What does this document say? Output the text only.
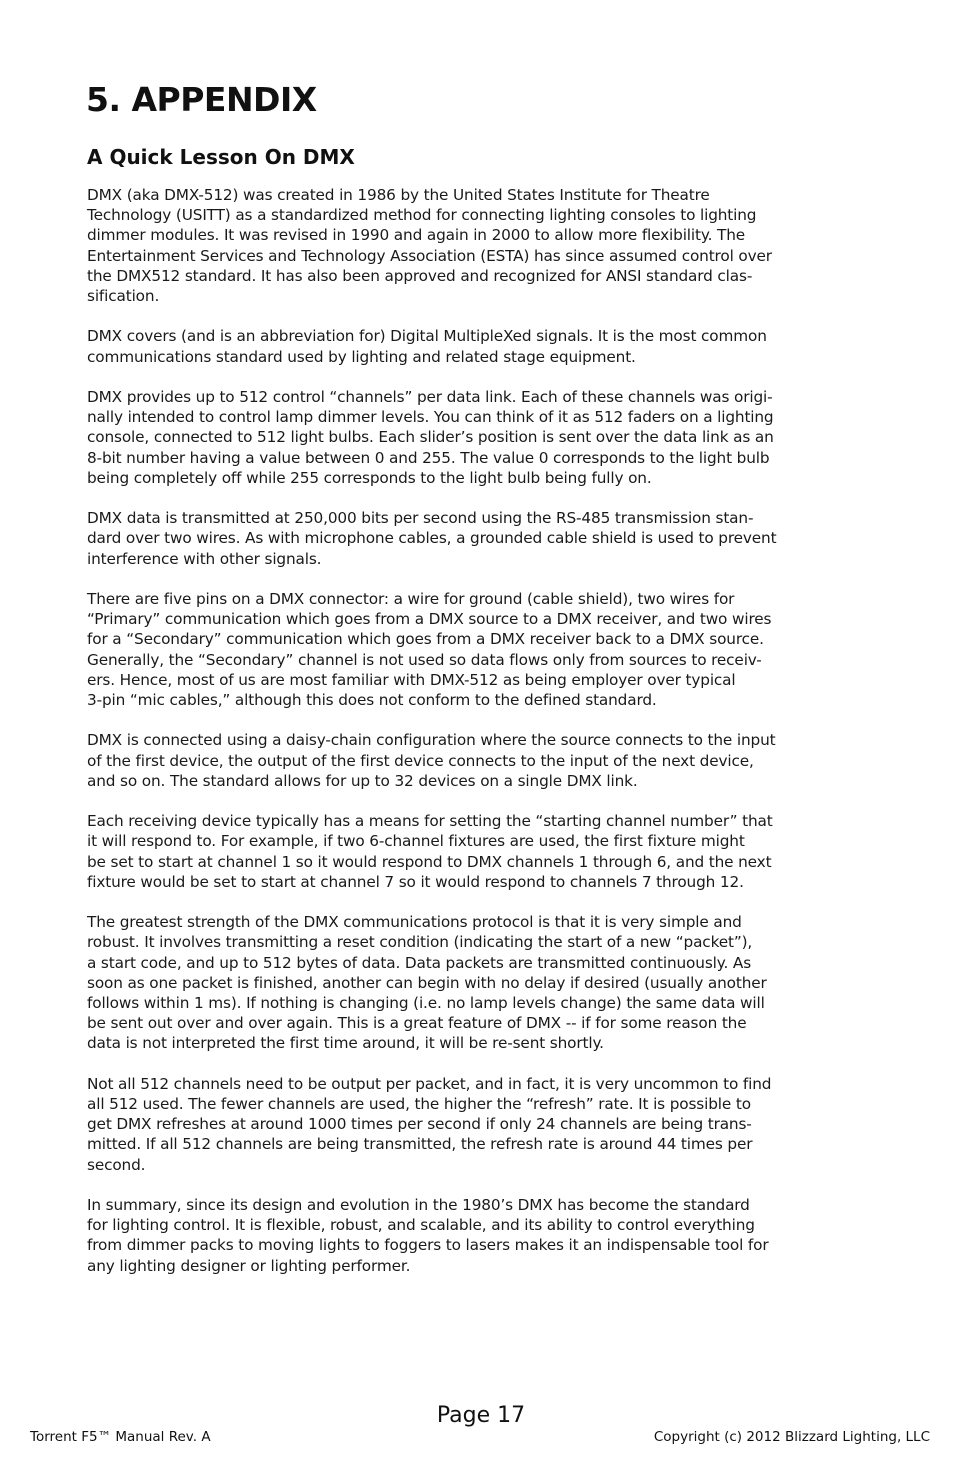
5. APPENDIX
A Quick Lesson On DMX

DMX (aka DMX-512) was created in 1986 by the United States Institute for Theatre
Technology (USITT) as a standardized method for connecting lighting consoles to lighting
dimmer modules. It was revised in 1990 and again in 2000 to allow more flexibility. The
Entertainment Services and Technology Association (ESTA) has since assumed control over
the DMX512 standard. It has also been approved and recognized for ANSI standard clas-
sification.

DMX covers (and is an abbreviation for) Digital MultipleXed signals. It is the most common
communications standard used by lighting and related stage equipment.

DMX provides up to 512 control “channels” per data link. Each of these channels was origi-
nally intended to control lamp dimmer levels. You can think of it as 512 faders on a lighting
console, connected to 512 light bulbs. Each slider’s position is sent over the data link as an
8-bit number having a value between 0 and 255. The value 0 corresponds to the light bulb
being completely off while 255 corresponds to the light bulb being fully on.

DMX data is transmitted at 250,000 bits per second using the RS-485 transmission stan-
dard over two wires. As with microphone cables, a grounded cable shield is used to prevent
interference with other signals.

There are five pins on a DMX connector: a wire for ground (cable shield), two wires for
“Primary” communication which goes from a DMX source to a DMX receiver, and two wires
for a “Secondary” communication which goes from a DMX receiver back to a DMX source.
Generally, the “Secondary” channel is not used so data flows only from sources to receiv-
ers. Hence, most of us are most familiar with DMX-512 as being employer over typical
3-pin “mic cables,” although this does not conform to the defined standard.

DMX is connected using a daisy-chain configuration where the source connects to the input
of the first device, the output of the first device connects to the input of the next device,
and so on. The standard allows for up to 32 devices on a single DMX link.

Each receiving device typically has a means for setting the “starting channel number” that
it will respond to. For example, if two 6-channel fixtures are used, the first fixture might
be set to start at channel 1 so it would respond to DMX channels 1 through 6, and the next
fixture would be set to start at channel 7 so it would respond to channels 7 through 12.

The greatest strength of the DMX communications protocol is that it is very simple and
robust. It involves transmitting a reset condition (indicating the start of a new “packet”),
a start code, and up to 512 bytes of data. Data packets are transmitted continuously. As
soon as one packet is finished, another can begin with no delay if desired (usually another
follows within 1 ms). If nothing is changing (i.e. no lamp levels change) the same data will
be sent out over and over again. This is a great feature of DMX -- if for some reason the
data is not interpreted the first time around, it will be re-sent shortly.

Not all 512 channels need to be output per packet, and in fact, it is very uncommon to find
all 512 used. The fewer channels are used, the higher the “refresh” rate. It is possible to
get DMX refreshes at around 1000 times per second if only 24 channels are being trans-
mitted. If all 512 channels are being transmitted, the refresh rate is around 44 times per
second.

In summary, since its design and evolution in the 1980’s DMX has become the standard
for lighting control. It is flexible, robust, and scalable, and its ability to control everything
from dimmer packs to moving lights to foggers to lasers makes it an indispensable tool for
any lighting designer or lighting performer.

Page 17
Torrent F5™ Manual Rev. A	Copyright (c) 2012 Blizzard Lighting, LLC
